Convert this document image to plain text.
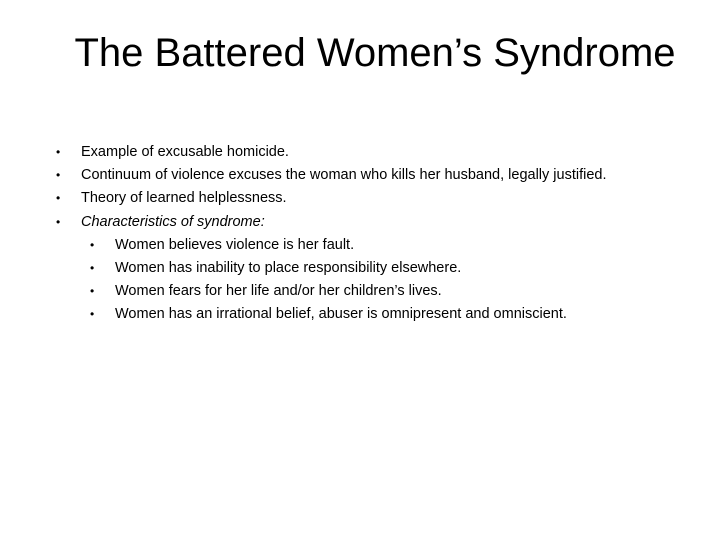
The Battered Women’s Syndrome
• Example of excusable homicide.
• Continuum of violence excuses the woman who kills her husband, legally justified.
• Theory of learned helplessness.
• Characteristics of syndrome:
• Women believes violence is her fault.
• Women has inability to place responsibility elsewhere.
• Women fears for her life and/or her children’s lives.
• Women has an irrational belief, abuser is omnipresent and omniscient.
